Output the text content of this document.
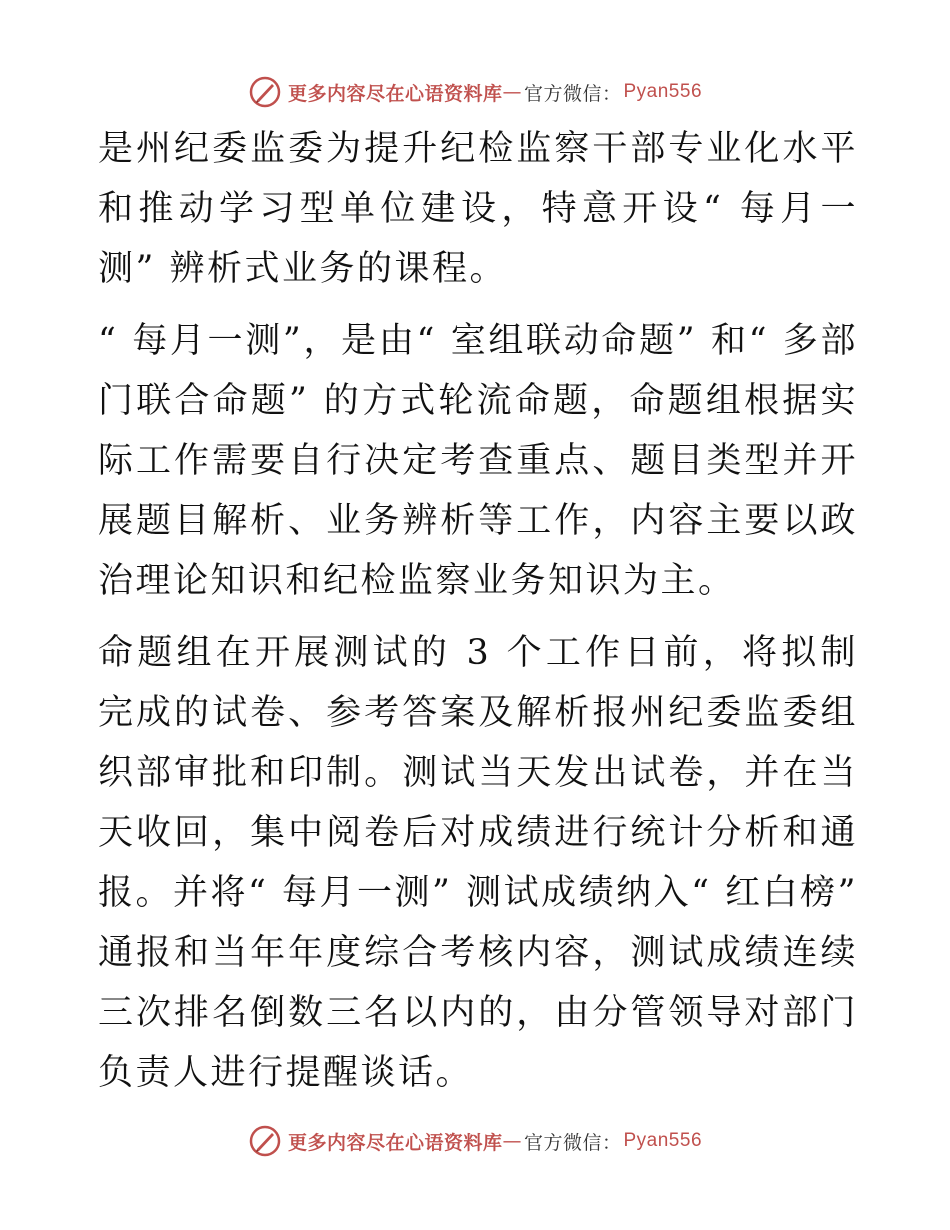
更多内容尽在心语资料库 — 官方微信： Pyan556

是州纪委监委为提升纪检监察干部专业化水平和推动学习型单位建设，特意开设“ 每月一测” 辨析式业务的课程。

“ 每月一测”，是由“ 室组联动命题” 和“ 多部门联合命题” 的方式轮流命题，命题组根据实际工作需要自行决定考查重点、题目类型并开展题目解析、业务辨析等工作，内容主要以政治理论知识和纪检监察业务知识为主。

命题组在开展测试的 3 个工作日前，将拟制完成的试卷、参考答案及解析报州纪委监委组织部审批和印制。测试当天发出试卷，并在当天收回，集中阅卷后对成绩进行统计分析和通报。并将“ 每月一测” 测试成绩纳入“ 红白榜” 通报和当年年度综合考核内容，测试成绩连续三次排名倒数三名以内的，由分管领导对部门负责人进行提醒谈话。

更多内容尽在心语资料库 — 官方微信： Pyan556
